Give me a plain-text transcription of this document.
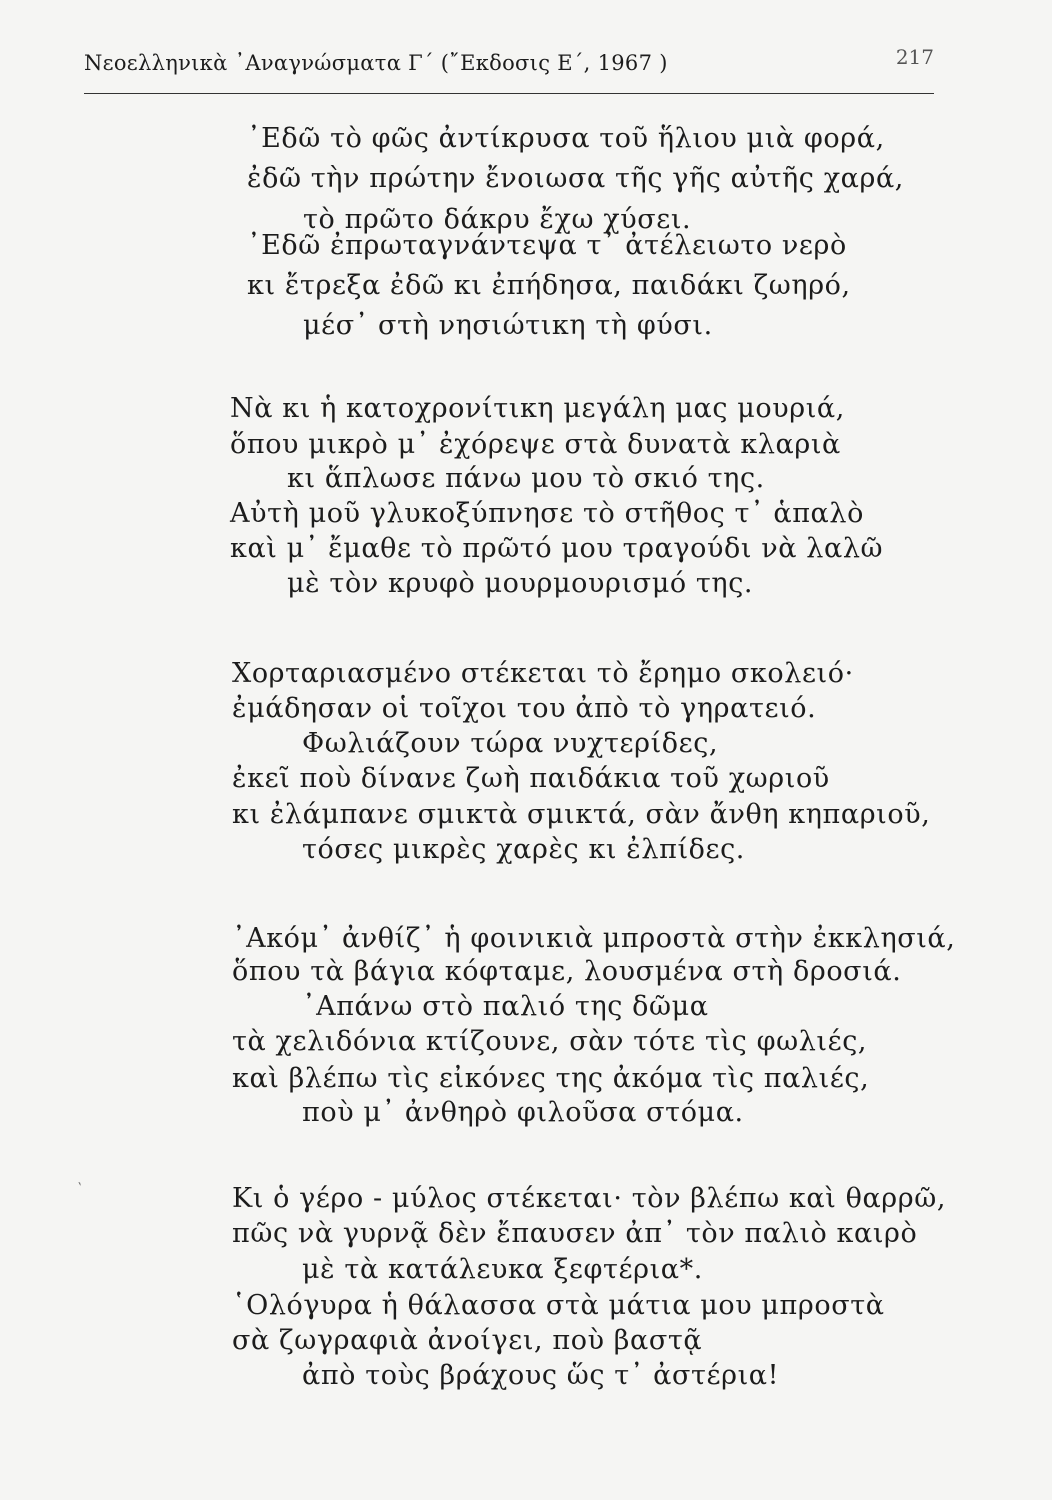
Νεοελληνικὰ ᾿Αναγνώσματα Γ΄ (῎Εκδοσις Ε΄, 1967 )	217
᾿Εδῶ τὸ φῶς ἀντίκρυσα τοῦ ἥλιου μιὰ φορά,
ἐδῶ τὴν πρώτην ἔνοιωσα τῆς γῆς αὐτῆς χαρά,
τὸ πρῶτο δάκρυ ἔχω χύσει.
᾿Εδῶ ἐπρωταγνάντεψα τ᾿ ἀτέλειωτο νερὸ
κι ἔτρεξα ἐδῶ κι ἐπήδησα, παιδάκι ζωηρό,
μέσ᾿ στὴ νησιώτικη τὴ φύσι.
Νὰ κι ἡ κατοχρονίτικη μεγάλη μας μουριά,
ὅπου μικρὸ μ᾿ ἐχόρεψε στὰ δυνατὰ κλαριὰ
κι ἅπλωσε πάνω μου τὸ σκιό της.
Αὐτὴ μοῦ γλυκοξύπνησε τὸ στῆθος τ᾿ ἁπαλὸ
καὶ μ᾿ ἔμαθε τὸ πρῶτό μου τραγούδι νὰ λαλῶ
μὲ τὸν κρυφὸ μουρμουρισμό της.
Χορταριασμένο στέκεται τὸ ἔρημο σκολειό·
ἐμάδησαν οἱ τοῖχοι του ἀπὸ τὸ γηρατειό.
Φωλιάζουν τώρα νυχτερίδες,
ἐκεῖ ποὺ δίνανε ζωὴ παιδάκια τοῦ χωριοῦ
κι ἐλάμπανε σμικτὰ σμικτά, σὰν ἄνθη κηπαριοῦ,
τόσες μικρὲς χαρὲς κι ἐλπίδες.
᾿Ακόμ᾿ ἀνθίζ᾿ ἡ φοινικιὰ μπροστὰ στὴν ἐκκλησιά,
ὅπου τὰ βάγια κόφταμε, λουσμένα στὴ δροσιά.
᾿Απάνω στὸ παλιό της δῶμα
τὰ χελιδόνια κτίζουνε, σὰν τότε τὶς φωλιές,
καὶ βλέπω τὶς εἰκόνες της ἀκόμα τὶς παλιές,
ποὺ μ᾿ ἀνθηρὸ φιλοῦσα στόμα.
Κι ὁ γέρο - μύλος στέκεται· τὸν βλέπω καὶ θαρρῶ,
πῶς νὰ γυρνᾷ δὲν ἔπαυσεν ἀπ᾿ τὸν παλιὸ καιρὸ
μὲ τὰ κατάλευκα ξεφτέρια*.
῾Ολόγυρα ἡ θάλασσα στὰ μάτια μου μπροστὰ
σὰ ζωγραφιὰ ἀνοίγει, ποὺ βαστᾷ
ἀπὸ τοὺς βράχους ὥς τ᾿ ἀστέρια!
ˎ
